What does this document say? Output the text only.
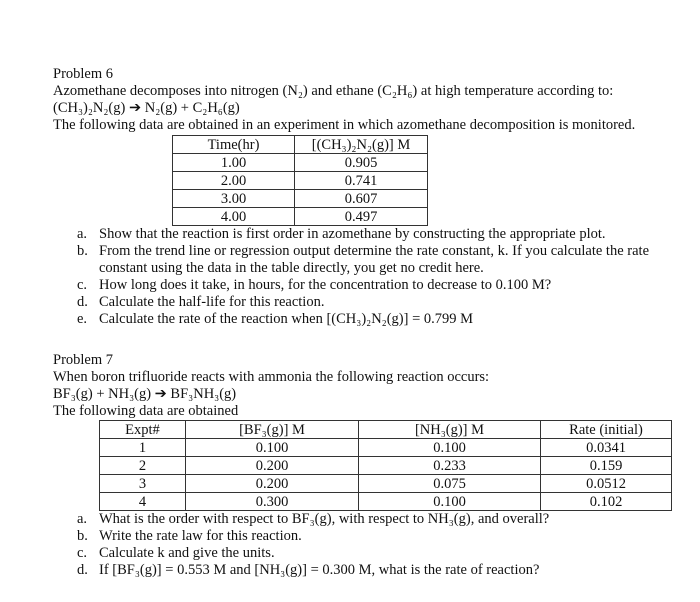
Problem 6
Azomethane decomposes into nitrogen (N₂) and ethane (C₂H₆) at high temperature according to:
(CH₃)₂N₂(g) ➔ N₂(g) + C₂H₆(g)
The following data are obtained in an experiment in which azomethane decomposition is monitored.
Time(hr)	[(CH₃)₂N₂(g)] M
1.00	0.905
2.00	0.741
3.00	0.607
4.00	0.497
a. Show that the reaction is first order in azomethane by constructing the appropriate plot.
b. From the trend line or regression output determine the rate constant, k. If you calculate the rate constant using the data in the table directly, you get no credit here.
c. How long does it take, in hours, for the concentration to decrease to 0.100 M?
d. Calculate the half-life for this reaction.
e. Calculate the rate of the reaction when [(CH₃)₂N₂(g)] = 0.799 M
Problem 7
When boron trifluoride reacts with ammonia the following reaction occurs:
BF₃(g) + NH₃(g) ➔ BF₃NH₃(g)
The following data are obtained
Expt#	[BF₃(g)] M	[NH₃(g)] M	Rate (initial)
1	0.100	0.100	0.0341
2	0.200	0.233	0.159
3	0.200	0.075	0.0512
4	0.300	0.100	0.102
a. What is the order with respect to BF₃(g), with respect to NH₃(g), and overall?
b. Write the rate law for this reaction.
c. Calculate k and give the units.
d. If [BF₃(g)] = 0.553 M and [NH₃(g)] = 0.300 M, what is the rate of reaction?
